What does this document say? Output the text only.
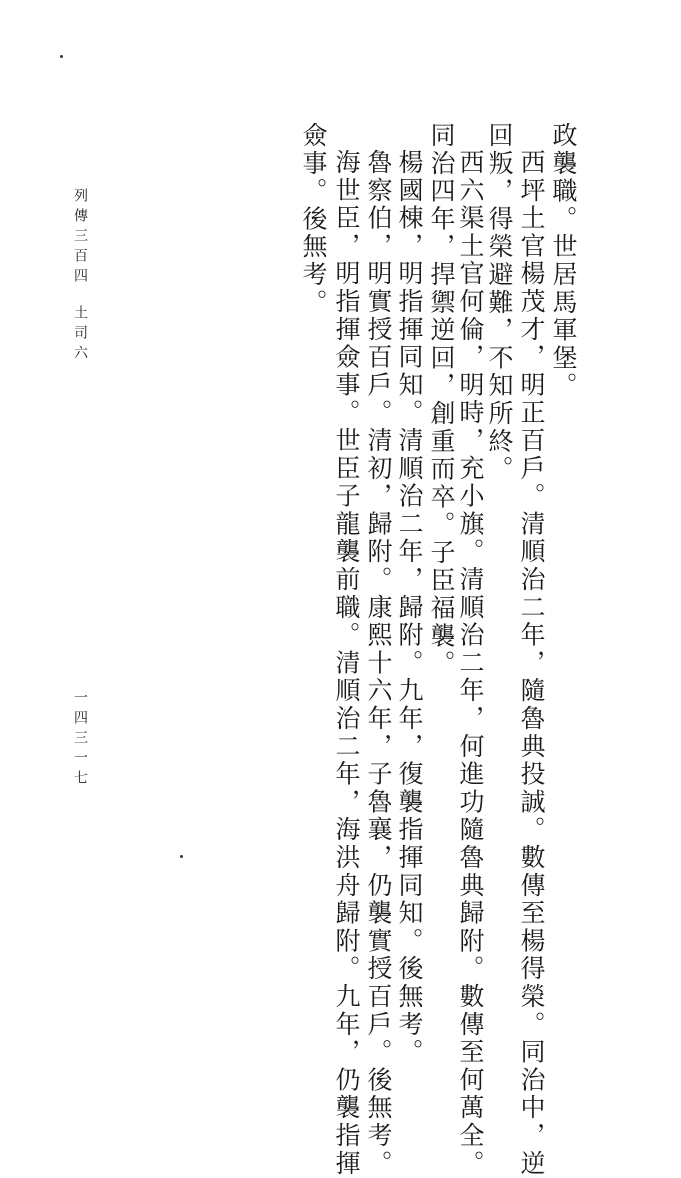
政襲職。世居馬軍堡。
西坪土官楊茂才，明正百戶。清順治二年，隨魯典投誠。數傳至楊得榮。同治中，逆
回叛，得榮避難，不知所終。
西六渠土官何倫，明時，充小旗。清順治二年，何進功隨魯典歸附。數傳至何萬全。
同治四年，捍禦逆回，創重而卒。子臣福襲。
楊國棟，明指揮同知。清順治二年，歸附。九年，復襲指揮同知。後無考。
魯察伯，明實授百戶。清初，歸附。康熙十六年，子魯襄，仍襲實授百戶。後無考。
海世臣，明指揮僉事。世臣子龍襲前職。清順治二年，海洪舟歸附。九年，仍襲指揮
僉事。後無考。
列傳三百四
土司六
一四三一七
